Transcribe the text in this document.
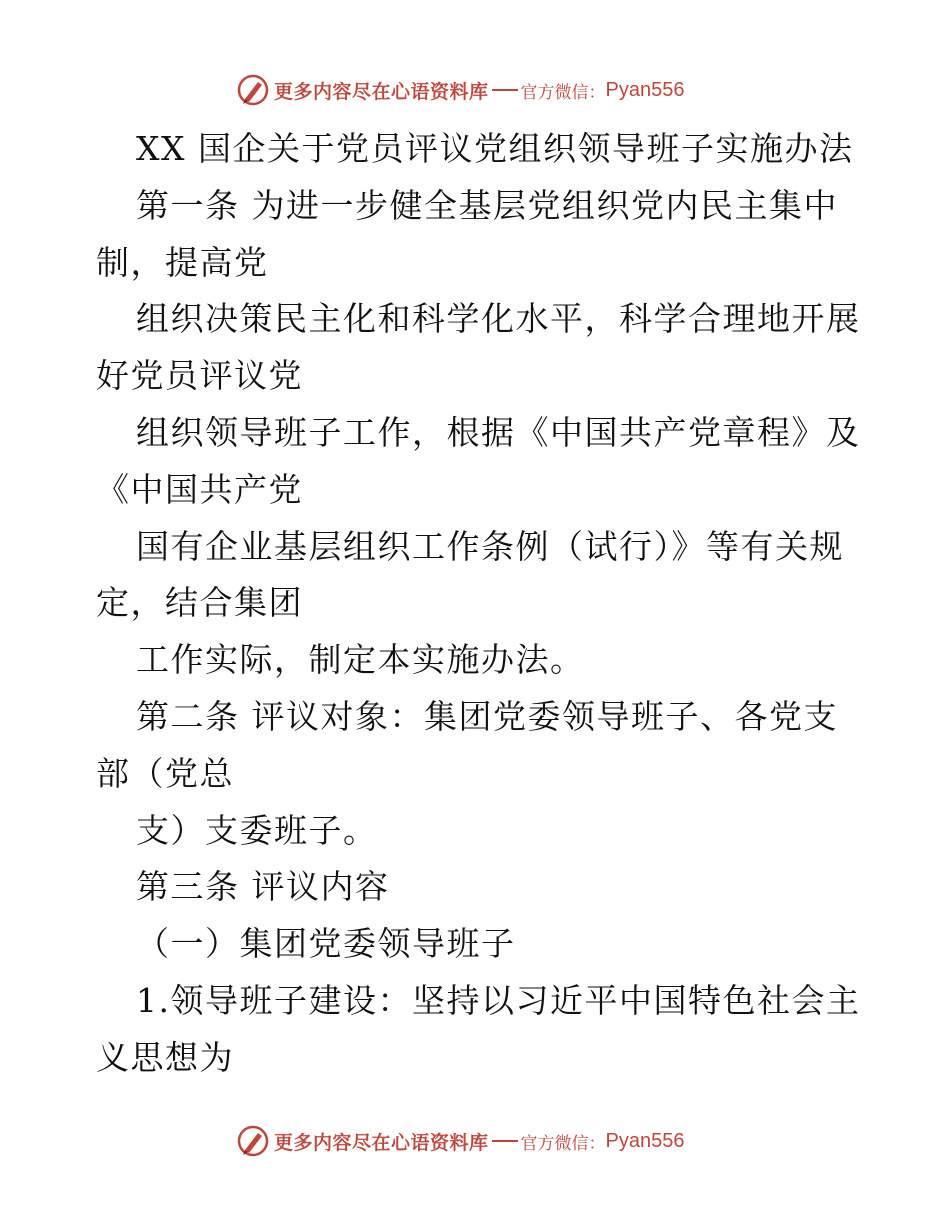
更多内容尽在心语资料库 官方微信： Pyan556
XX 国企关于党员评议党组织领导班子实施办法
第一条 为进一步健全基层党组织党内民主集中
制，提高党
组织决策民主化和科学化水平，科学合理地开展
好党员评议党
组织领导班子工作，根据《中国共产党章程》及
《中国共产党
国有企业基层组织工作条例（试行）》等有关规
定，结合集团
工作实际，制定本实施办法。
第二条 评议对象：集团党委领导班子、各党支
部（党总
支）支委班子。
第三条 评议内容
（一）集团党委领导班子
1.领导班子建设：坚持以习近平中国特色社会主
义思想为
更多内容尽在心语资料库 官方微信： Pyan556
